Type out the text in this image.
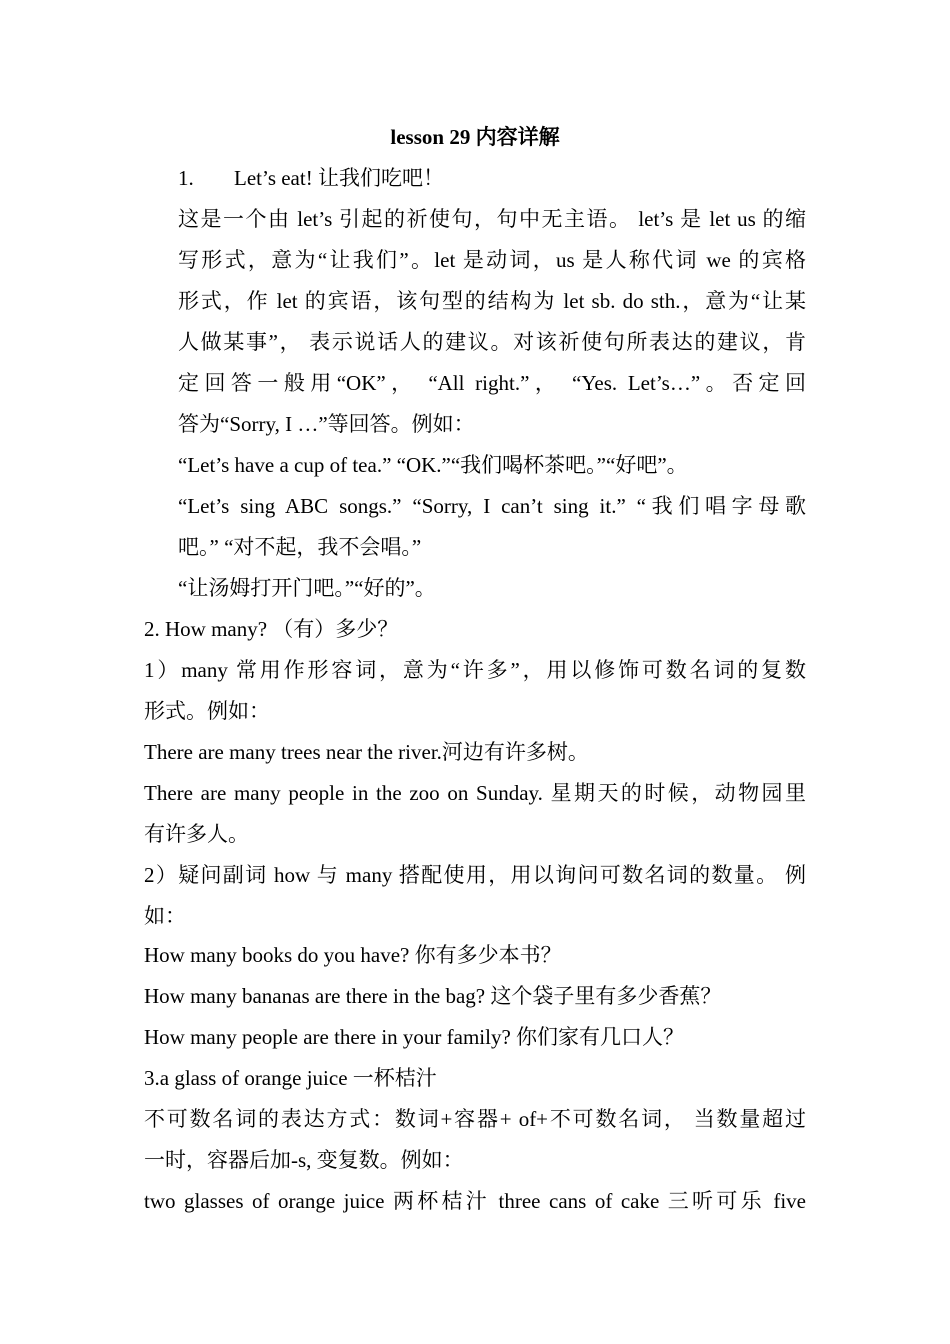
lesson 29 内容详解
1. Let’s eat! 让我们吃吧！
这是一个由 let’s 引起的祈使句，句中无主语。 let’s 是 let us 的缩
写形式，意为“让我们”。let 是动词，us 是人称代词 we 的宾格
形式，作 let 的宾语，该句型的结构为 let sb. do sth.，意为“让某
人做某事”， 表示说话人的建议。对该祈使句所表达的建议，肯
定回答一般用“OK”， “All right.”， “Yes. Let’s…”。否定回
答为“Sorry, I …”等回答。例如：
“Let’s have a cup of tea.” “OK.”“我们喝杯茶吧。”“好吧”。
“Let’s sing ABC songs.” “Sorry, I can’t sing it.” “我们唱字母歌
吧。” “对不起，我不会唱。”
“让汤姆打开门吧。”“好的”。
2. How many? （有）多少？
1）many 常用作形容词，意为“许多”，用以修饰可数名词的复数
形式。例如：
There are many trees near the river.河边有许多树。
There are many people in the zoo on Sunday. 星期天的时候，动物园里
有许多人。
2）疑问副词 how 与 many 搭配使用，用以询问可数名词的数量。 例
如：
How many books do you have? 你有多少本书？
How many bananas are there in the bag? 这个袋子里有多少香蕉？
How many people are there in your family? 你们家有几口人？
3.a glass of orange juice 一杯桔汁
不可数名词的表达方式：数词+容器+ of+不可数名词， 当数量超过
一时，容器后加-s, 变复数。例如：
two glasses of orange juice 两杯桔汁 three cans of cake 三听可乐 five
